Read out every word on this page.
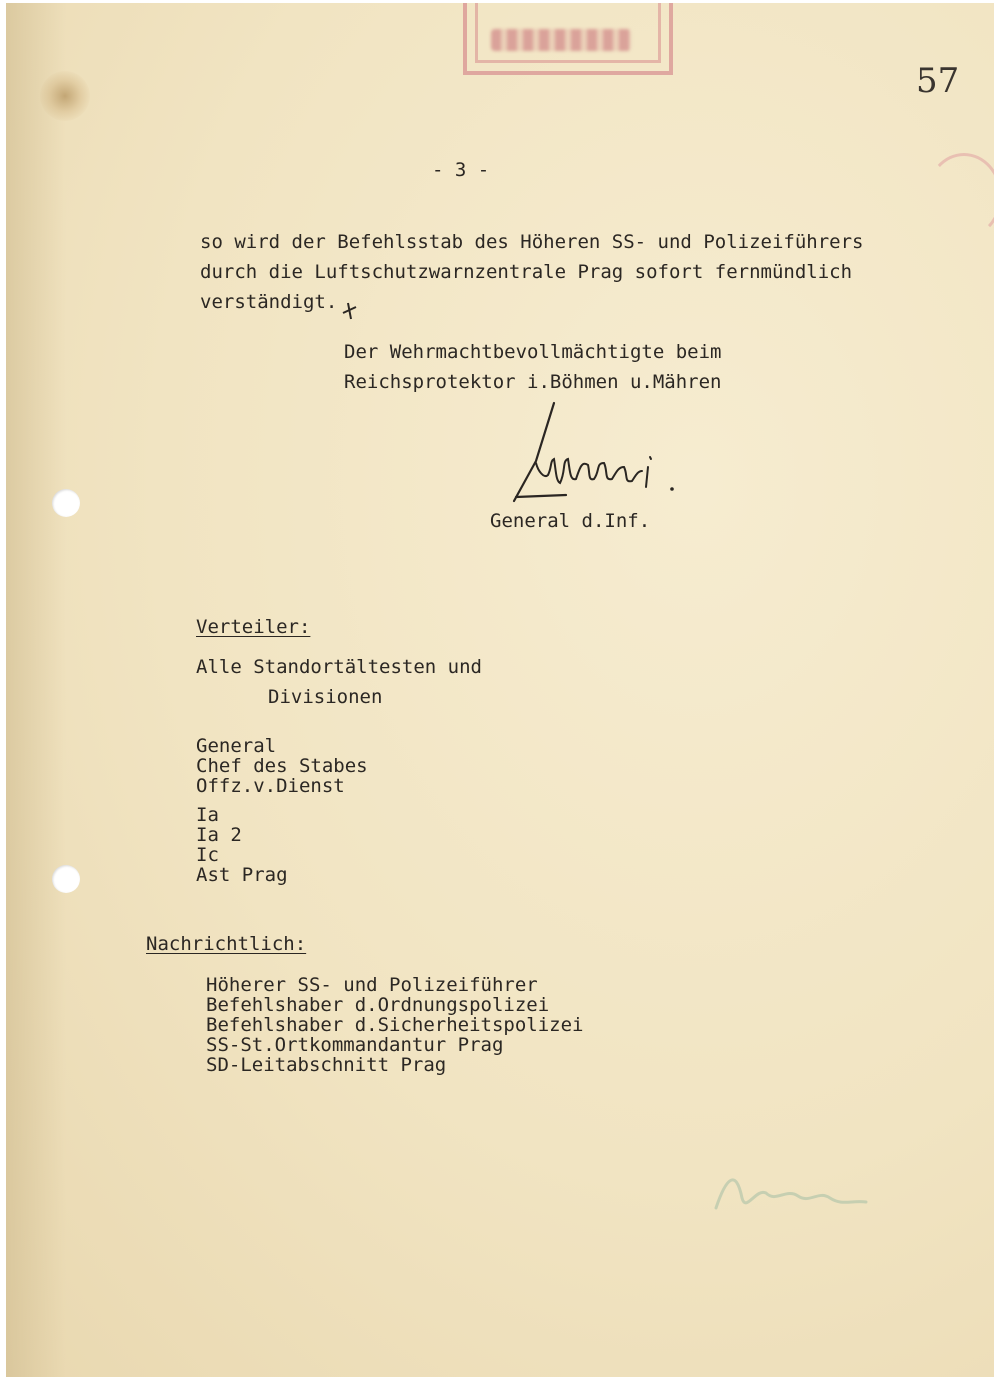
57
- 3 -
so wird der Befehlsstab des Höheren SS- und Polizeiführers
durch die Luftschutzwarnzentrale Prag sofort fernmündlich
verständigt.
Der Wehrmachtbevollmächtigte beim
Reichsprotektor i.Böhmen u.Mähren
General d.Inf.
Verteiler:
Alle Standortältesten und
Divisionen
General
Chef des Stabes
Offz.v.Dienst
Ia
Ia 2
Ic
Ast Prag
Nachrichtlich:
Höherer SS- und Polizeiführer
Befehlshaber d.Ordnungspolizei
Befehlshaber d.Sicherheitspolizei
SS-St.Ortkommandantur Prag
SD-Leitabschnitt Prag
